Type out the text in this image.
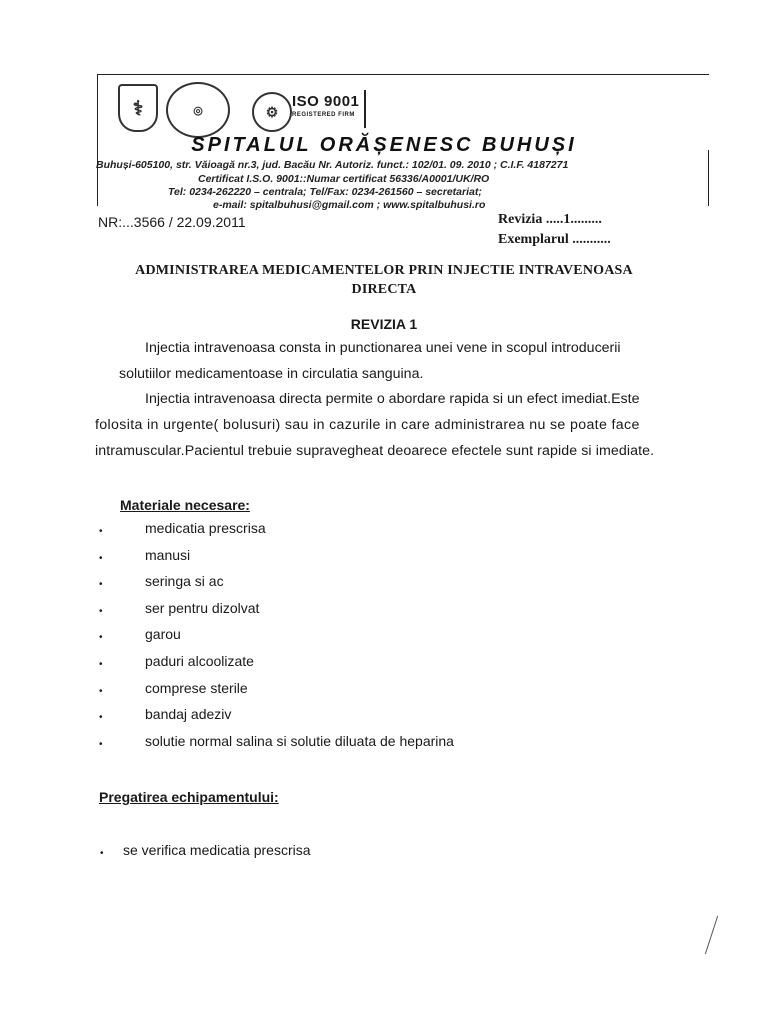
⚕	◎	⚙
ISO 9001
REGISTERED FIRM
SPITALUL ORĂȘENESC BUHUȘI
Buhuși-605100, str. Văioagă nr.3, jud. Bacău Nr. Autoriz. funct.: 102/01. 09. 2010 ; C.I.F. 4187271
Certificat I.S.O. 9001::Numar certificat 56336/A0001/UK/RO
Tel: 0234-262220 – centrala; Tel/Fax: 0234-261560 – secretariat;
e-mail: spitalbuhusi@gmail.com ; www.spitalbuhusi.ro
NR:...3566 / 22.09.2011	Revizia .....1.........
Exemplarul ...........
ADMINISTRAREA MEDICAMENTELOR PRIN INJECTIE INTRAVENOASA
DIRECTA
REVIZIA 1
Injectia intravenoasa consta in punctionarea unei vene in scopul introducerii
solutiilor medicamentoase in circulatia sanguina.
Injectia intravenoasa directa permite o abordare rapida si un efect imediat.Este
folosita in urgente( bolusuri) sau in cazurile in care administrarea nu se poate face
intramuscular.Pacientul trebuie supravegheat deoarece efectele sunt rapide si imediate.
Materiale necesare:
•	medicatia prescrisa
•	manusi
•	seringa si ac
•	ser pentru dizolvat
•	garou
•	paduri alcoolizate
•	comprese sterile
•	bandaj adeziv
•	solutie normal salina si solutie diluata de heparina
Pregatirea echipamentului:
• se verifica medicatia prescrisa
